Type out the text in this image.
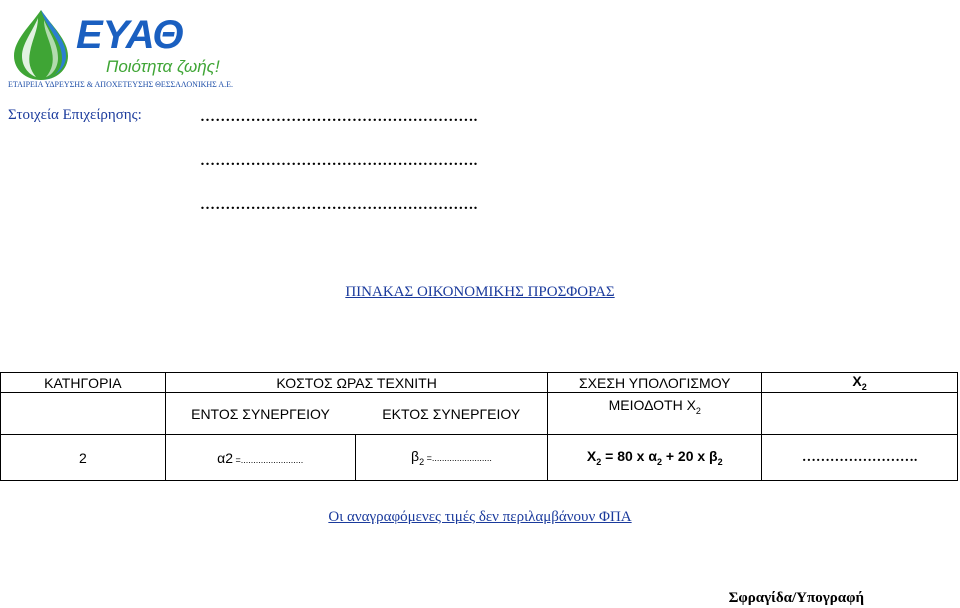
ΕΥΑΘ
Ποιότητα ζωής!
ΕΤΑΙΡΕΙΑ ΥΔΡΕΥΣΗΣ & ΑΠΟΧΕΤΕΥΣΗΣ ΘΕΣΣΑΛΟΝΙΚΗΣ Α.Ε.
Στοιχεία Επιχείρησης:	……………………………………………….
……………………………………………….
……………………………………………….
ΠΙΝΑΚΑΣ ΟΙΚΟΝΟΜΙΚΗΣ ΠΡΟΣΦΟΡΑΣ
ΚΑΤΗΓΟΡΙΑ	ΚΟΣΤΟΣ ΩΡΑΣ ΤΕΧΝΙΤΗ		ΣΧΕΣΗ ΥΠΟΛΟΓΙΣΜΟΥ	$X_2$
	ΕΝΤΟΣ ΣΥΝΕΡΓΕΙΟΥ	ΕΚΤΟΣ ΣΥΝΕΡΓΕΙΟΥ	ΜΕΙΟΔΟΤΗ $X_2$	
2	α2 =.........................	$\beta_2$ =........................	$X_2 = 80$ x $\alpha_2 + 20$ x $\beta_2$	…………………….
Οι αναγραφόμενες τιμές δεν περιλαμβάνουν ΦΠΑ
Σφραγίδα/Υπογραφή
